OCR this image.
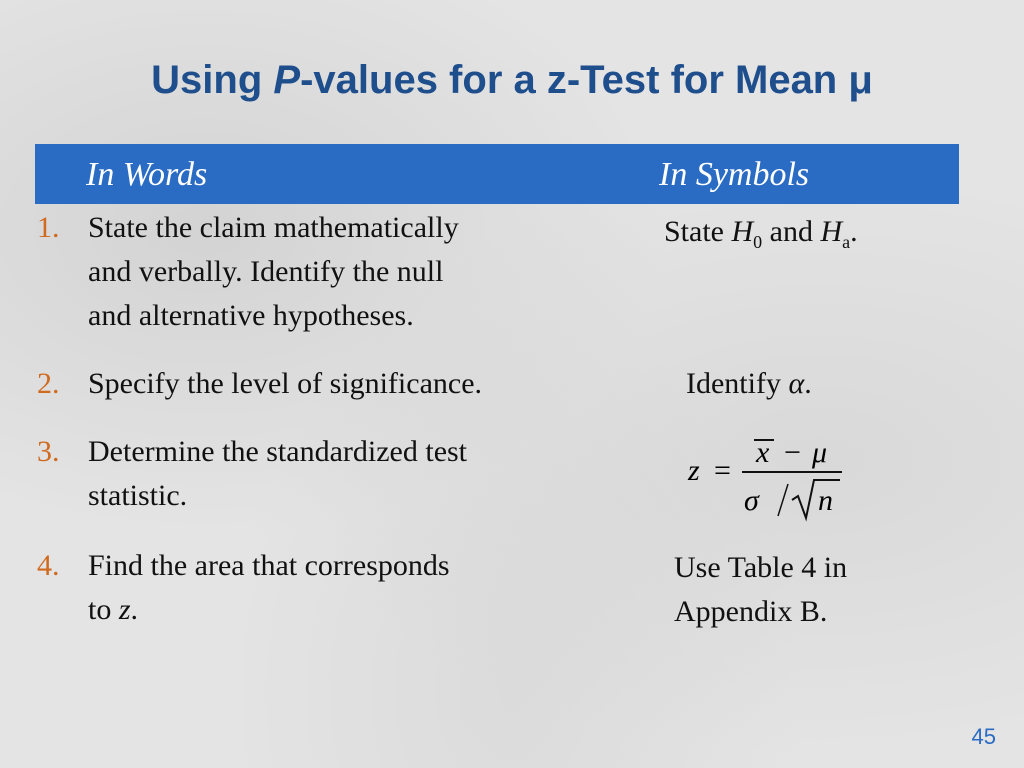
Using P-values for a z-Test for Mean μ
In Words	In Symbols
1. State the claim mathematically
and verbally. Identify the null
and alternative hypotheses.
State $H_0$ and $H_a$.
2. Specify the level of significance.	Identify α.
3. Determine the standardized test
statistic.
z =
x − μ
σ n
4. Find the area that corresponds
to z.
Use Table 4 in
Appendix B.
45
